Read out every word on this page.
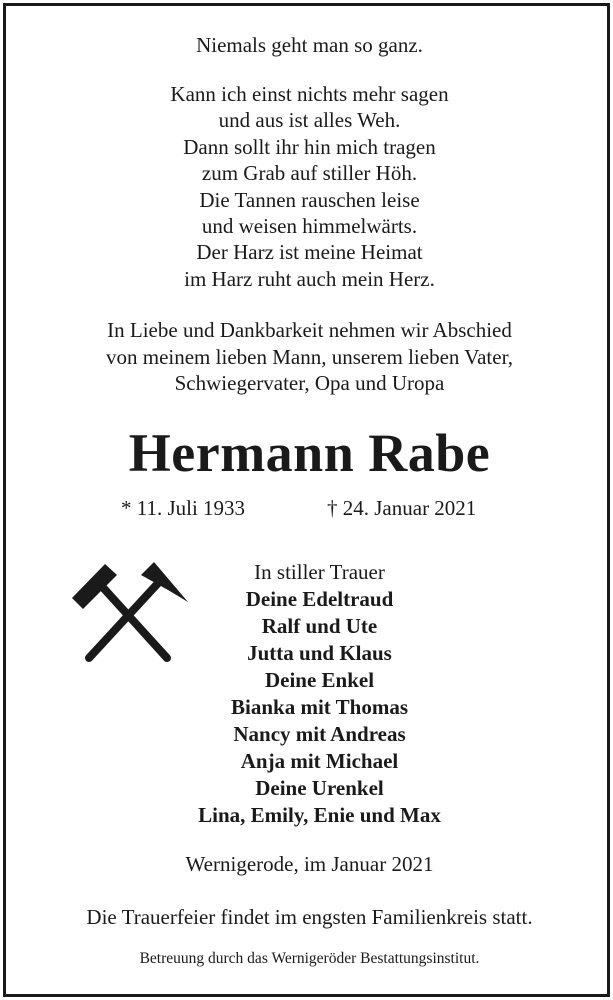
Niemals geht man so ganz.
Kann ich einst nichts mehr sagen
und aus ist alles Weh.
Dann sollt ihr hin mich tragen
zum Grab auf stiller Höh.
Die Tannen rauschen leise
und weisen himmelwärts.
Der Harz ist meine Heimat
im Harz ruht auch mein Herz.
In Liebe und Dankbarkeit nehmen wir Abschied
von meinem lieben Mann, unserem lieben Vater,
Schwiegervater, Opa und Uropa
Hermann Rabe
* 11. Juli 1933	† 24. Januar 2021
In stiller Trauer
Deine Edeltraud
Ralf und Ute
Jutta und Klaus
Deine Enkel
Bianka mit Thomas
Nancy mit Andreas
Anja mit Michael
Deine Urenkel
Lina, Emily, Enie und Max
Wernigerode, im Januar 2021
Die Trauerfeier findet im engsten Familienkreis statt.
Betreuung durch das Wernigeröder Bestattungsinstitut.
